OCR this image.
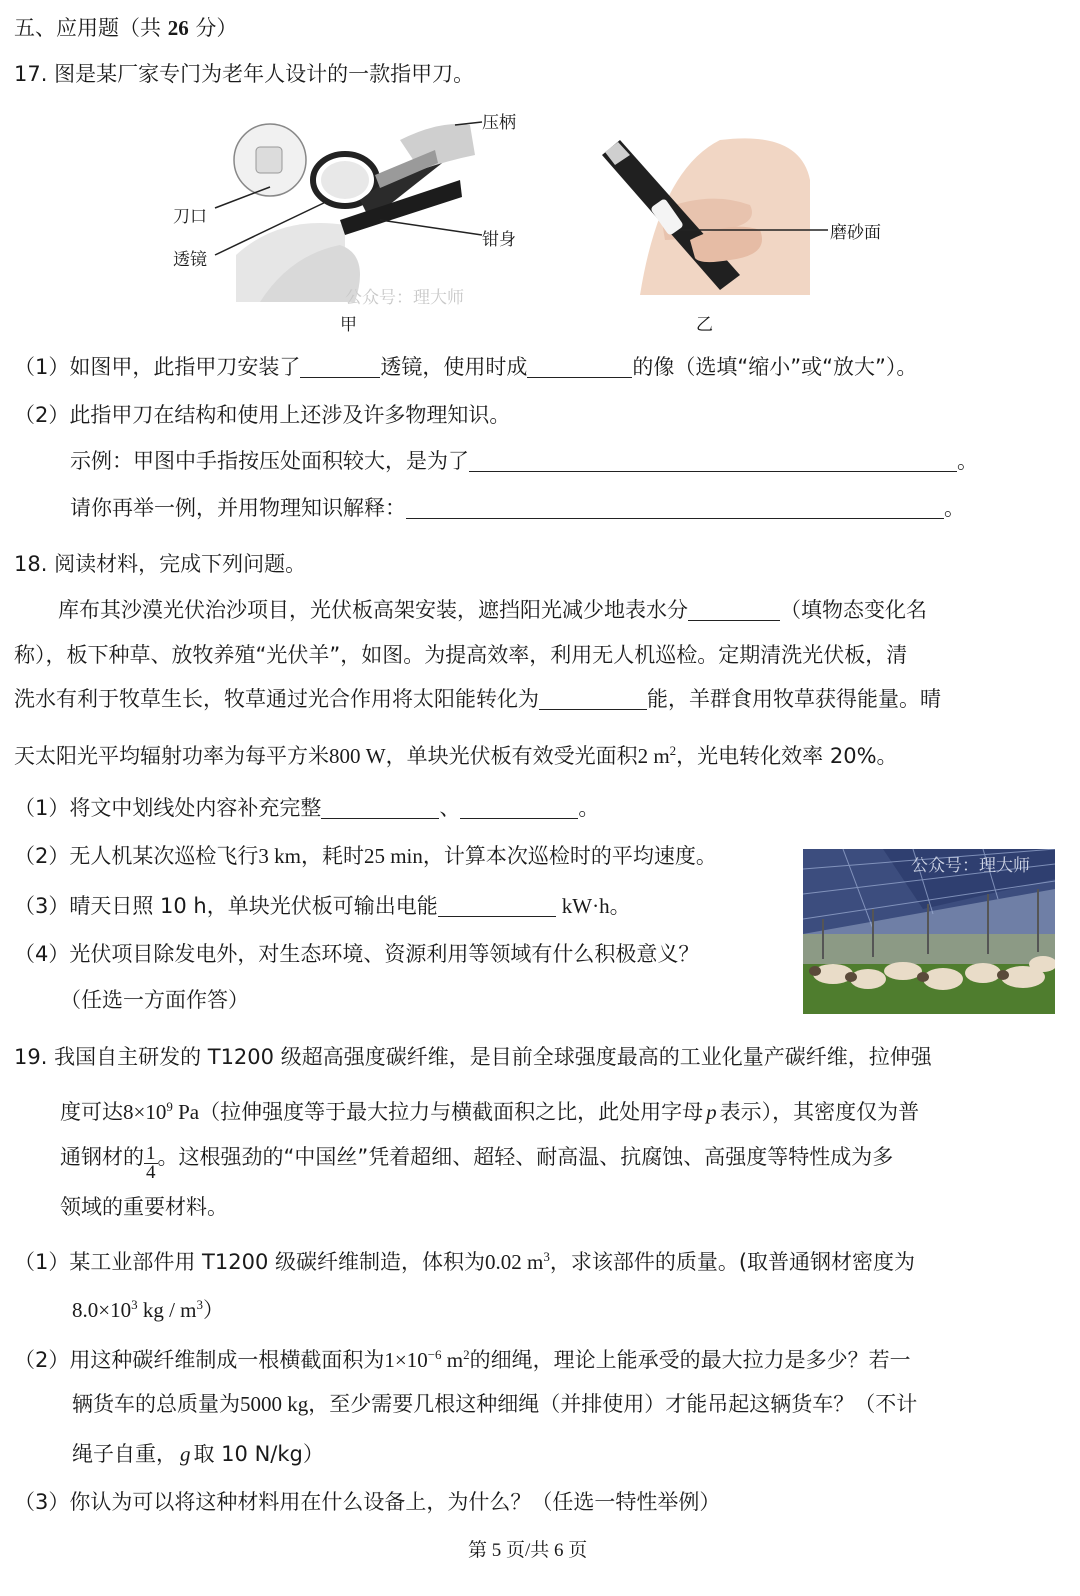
五、应用题（共 26 分）
17. 图是某厂家专门为老年人设计的一款指甲刀。
压柄
刀口
钳身
透镜
公众号：理大师
甲
磨砂面
乙
（1）如图甲，此指甲刀安装了	透镜，使用时成	的像（选填“缩小”或“放大”）。
（2）此指甲刀在结构和使用上还涉及许多物理知识。
示例：甲图中手指按压处面积较大，是为了	。
请你再举一例，并用物理知识解释：	。
18. 阅读材料，完成下列问题。
库布其沙漠光伏治沙项目，光伏板高架安装，遮挡阳光减少地表水分	（填物态变化名
称），板下种草、放牧养殖“光伏羊”，如图。为提高效率，利用无人机巡检。定期清洗光伏板，清
洗水有利于牧草生长，牧草通过光合作用将太阳能转化为	能，羊群食用牧草获得能量。晴
天太阳光平均辐射功率为每平方米800 W，单块光伏板有效受光面积2 $m^2$，光电转化效率 20%。
（1）将文中划线处内容补充完整	、	。
（2）无人机某次巡检飞行3 km，耗时25 min，计算本次巡检时的平均速度。
（3）晴天日照 10 h，单块光伏板可输出电能	kW·h。
（4）光伏项目除发电外，对生态环境、资源利用等领域有什么积极意义？
（任选一方面作答）
公众号：理大师
19. 我国自主研发的 T1200 级超高强度碳纤维，是目前全球强度最高的工业化量产碳纤维，拉伸强
度可达$8\times 10^9$ Pa（拉伸强度等于最大拉力与横截面积之比，此处用字母 p 表示），其密度仅为普
通钢材的 $\frac{1}{4}$ 。这根强劲的“中国丝”凭着超细、超轻、耐高温、抗腐蚀、高强度等特性成为多
领域的重要材料。
（1）某工业部件用 T1200 级碳纤维制造，体积为0.02 $m^3$，求该部件的质量。(取普通钢材密度为
$8.0\times 10^3$ kg / $m^3$）
（2）用这种碳纤维制成一根横截面积为$1\times 10^{-6}$ $m^2$的细绳，理论上能承受的最大拉力是多少？若一
辆货车的总质量为5000 kg，至少需要几根这种细绳（并排使用）才能吊起这辆货车？（不计
绳子自重， g 取 10 N/kg）
（3）你认为可以将这种材料用在什么设备上，为什么？（任选一特性举例）
第 5 页/共 6 页
